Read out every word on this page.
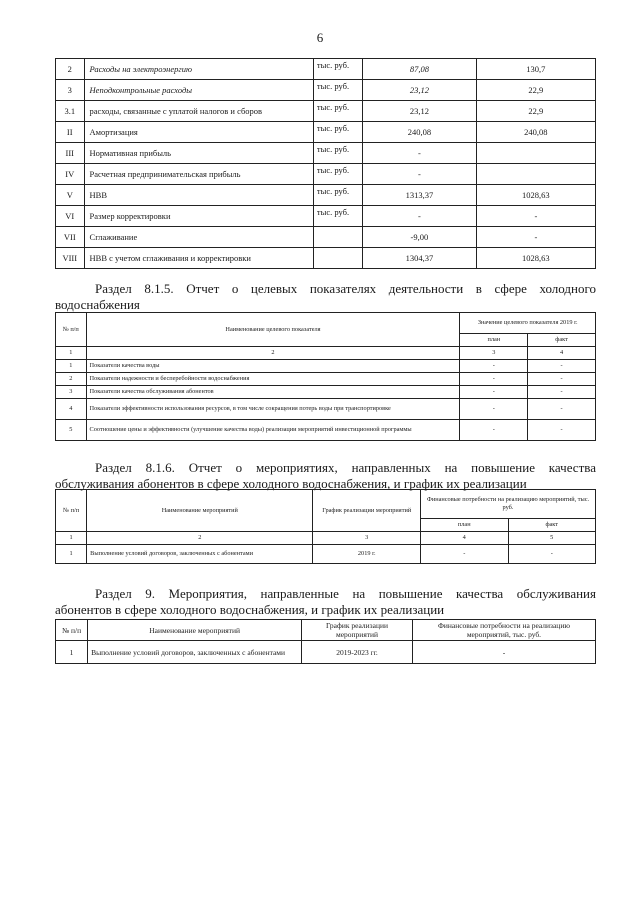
6
2	Расходы на электроэнергию	тыс. руб.	87,08	130,7
3	Неподконтрольные расходы	тыс. руб.	23,12	22,9
3.1	расходы, связанные с уплатой налогов и сборов	тыс. руб.	23,12	22,9
II	Амортизация	тыс. руб.	240,08	240,08
III	Нормативная прибыль	тыс. руб.	-	
IV	Расчетная предпринимательская прибыль	тыс. руб.	-	
V	НВВ	тыс. руб.	1313,37	1028,63
VI	Размер корректировки	тыс. руб.	-	-
VII	Сглаживание		-9,00	-
VIII	НВВ с учетом сглаживания и корректировки		1304,37	1028,63
Раздел 8.1.5. Отчет о целевых показателях деятельности в сфере холодного
водоснабжения
№ п/п	Наименование целевого показателя	Значение целевого показателя 2019 г.	
		план	факт
1	2	3	4
1	Показатели качества воды	-	-
2	Показатели надежности и бесперебойности водоснабжения	-	-
3	Показатели качества обслуживания абонентов	-	-
4	Показатели эффективности использования ресурсов, в том числе сокращения потерь воды при транспортировке	-	-
5	Соотношение цены и эффективности (улучшение качества воды) реализации мероприятий инвестиционной программы	-	-
Раздел 8.1.6. Отчет о мероприятиях, направленных на повышение качества
обслуживания абонентов в сфере холодного водоснабжения, и график их реализации
№ п/п	Наименование мероприятий	График реализации мероприятий	Финансовые потребности на реализацию мероприятий, тыс. руб.	
			план	факт
1	2	3	4	5
1	Выполнение условий договоров, заключенных с абонентами	2019 г.	-	-
Раздел 9. Мероприятия, направленные на повышение качества обслуживания
абонентов в сфере холодного водоснабжения, и график их реализации
№ п/п	Наименование мероприятий	График реализации мероприятий	Финансовые потребности на реализацию мероприятий, тыс. руб.
1	Выполнение условий договоров, заключенных с абонентами	2019-2023 гг.	-
